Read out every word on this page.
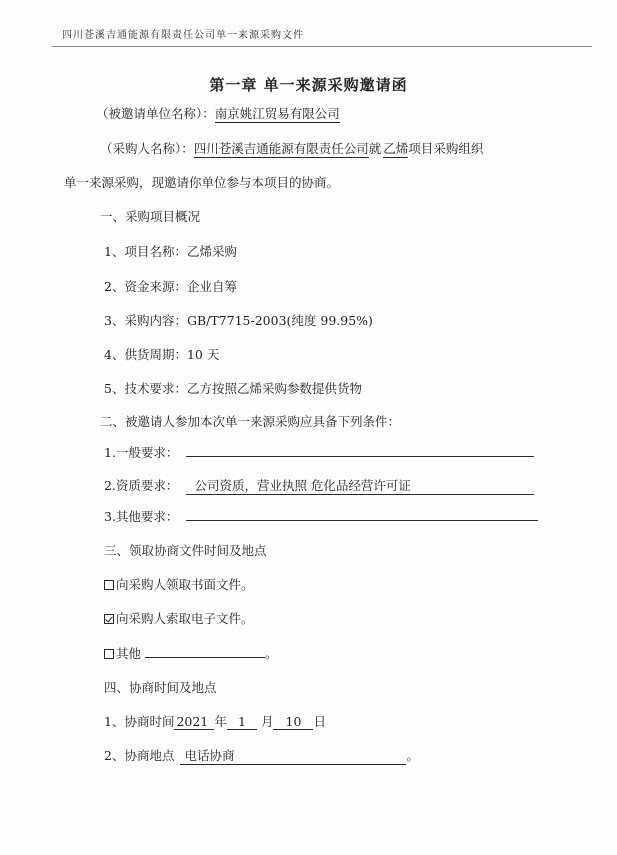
四川苍溪吉通能源有限责任公司单一来源采购文件
第一章 单一来源采购邀请函
（被邀请单位名称）：南京姚江贸易有限公司
（采购人名称）：四川苍溪吉通能源有限责任公司就 乙烯项目采购组织
单一来源采购，现邀请你单位参与本项目的协商。
一、采购项目概况
1、项目名称：乙烯采购
2、资金来源：企业自筹
3、采购内容：GB/T7715-2003(纯度 99.95%)
4、供货周期：10 天
5、技术要求：乙方按照乙烯采购参数提供货物
二、被邀请人参加本次单一来源采购应具备下列条件：
1.一般要求：
2.资质要求： 公司资质，营业执照 危化品经营许可证
3.其他要求：
三、领取协商文件时间及地点
向采购人领取书面文件。
向采购人索取电子文件。
其他	。
四、协商时间及地点
1、协商时间 2021 年 1 月 10 日
2、协商地点 电话协商	。
